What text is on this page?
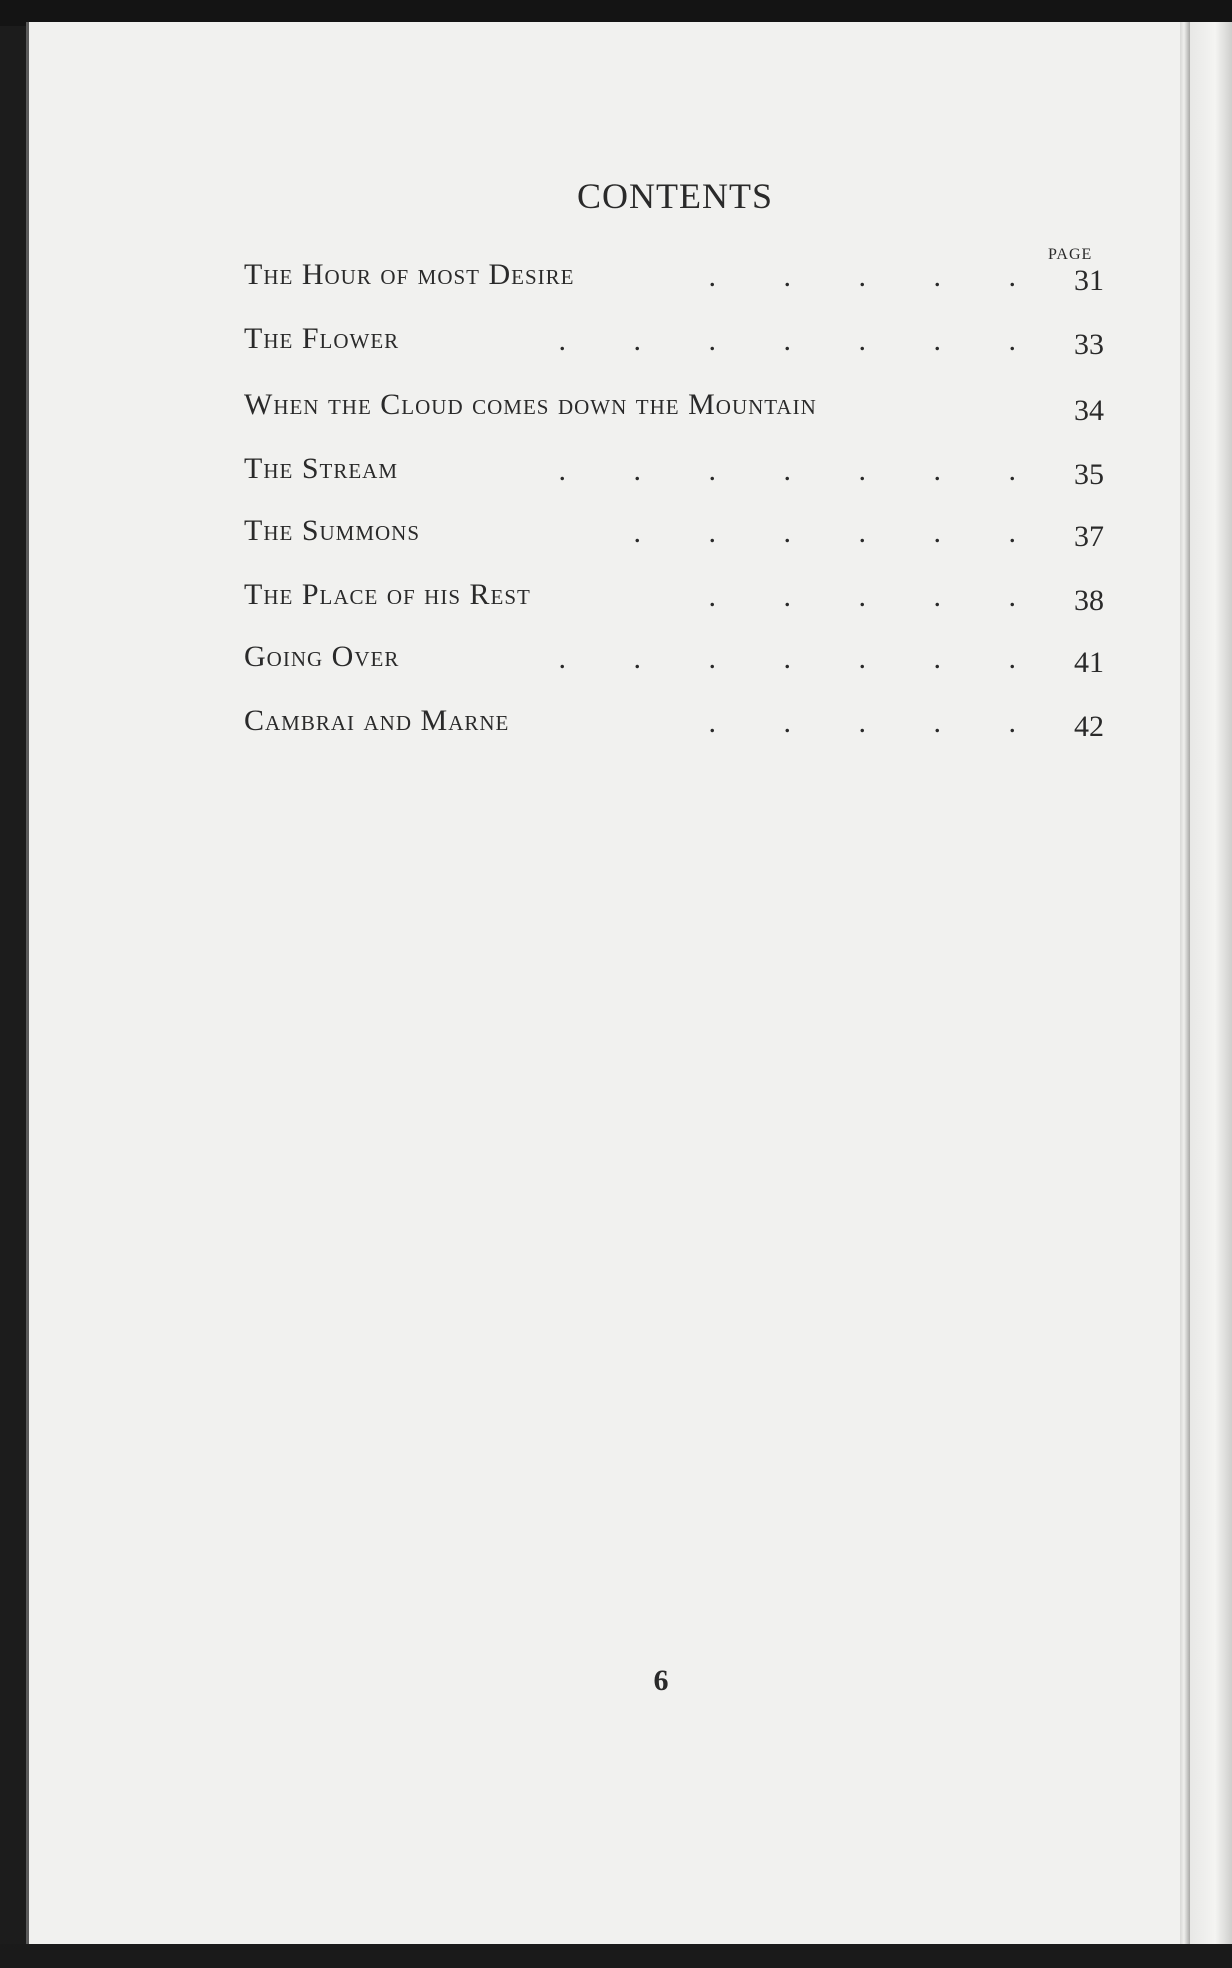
CONTENTS
PAGE
The Hour of most Desire	.         .         .         .         .	31
The Flower	.         .         .         .         .         .         .	33
When the Cloud comes down the Mountain	34
The Stream	.         .         .         .         .         .         .	35
The Summons	.         .         .         .         .         .	37
The Place of his Rest	.         .         .         .         .	38
Going Over	.         .         .         .         .         .         .	41
Cambrai and Marne	.         .         .         .         .	42
6
